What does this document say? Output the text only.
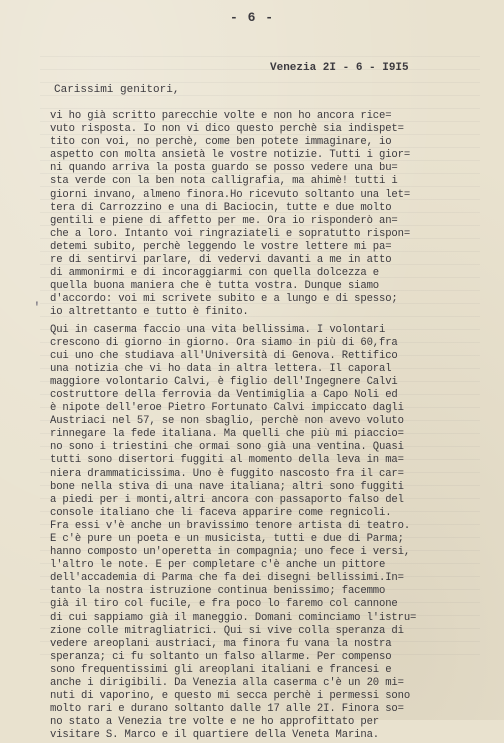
- 6 -
Venezia 2I - 6 - I9I5
Carissimi genitori,
'
vi ho già scritto parecchie volte e non ho ancora rice=
vuto risposta. Io non vi dico questo perchè sia indispet=
tito con voi, no perchè, come ben potete immaginare, io
aspetto con molta ansietà le vostre notizie. Tutti i gior=
ni quando arriva la posta guardo se posso vedere una bu=
sta verde con la ben nota calligrafia, ma ahimè! tutti i
giorni invano, almeno finora.Ho ricevuto soltanto una let=
tera di Carrozzino e una di Baciocin, tutte e due molto
gentili e piene di affetto per me. Ora io risponderò an=
che a loro. Intanto voi ringraziateli e sopratutto rispon=
detemi subito, perchè leggendo le vostre lettere mi pa=
re di sentirvi parlare, di vedervi davanti a me in atto
di ammonirmi e di incoraggiarmi con quella dolcezza e
quella buona maniera che è tutta vostra. Dunque siamo
d'accordo: voi mi scrivete subito e a lungo e di spesso;
io altrettanto e tutto è finito.
Qui in caserma faccio una vita bellissima. I volontari
crescono di giorno in giorno. Ora siamo in più di 60,fra
cui uno che studiava all'Università di Genova. Rettifico
una notizia che vi ho data in altra lettera. Il caporal
maggiore volontario Calvi, è figlio dell'Ingegnere Calvi
costruttore della ferrovia da Ventimiglia a Capo Noli ed
è nipote dell'eroe Pietro Fortunato Calvi impiccato dagli
Austriaci nel 57, se non sbaglio, perchè non avevo voluto
rinnegare la fede italiana. Ma quelli che più mi piaccio=
no sono i triestini che ormai sono già una ventina. Quasi
tutti sono disertori fuggiti al momento della leva in ma=
niera drammaticissima. Uno è fuggito nascosto fra il car=
bone nella stiva di una nave italiana; altri sono fuggiti
a piedi per i monti,altri ancora con passaporto falso del
console italiano che li faceva apparire come regnicoli.
Fra essi v'è anche un bravissimo tenore artista di teatro.
E c'è pure un poeta e un musicista, tutti e due di Parma;
hanno composto un'operetta in compagnia; uno fece i versi,
l'altro le note. E per completare c'è anche un pittore
dell'accademia di Parma che fa dei disegni bellissimi.In=
tanto la nostra istruzione continua benissimo; facemmo
già il tiro col fucile, e fra poco lo faremo col cannone
di cui sappiamo già il maneggio. Domani cominciamo l'istru=
zione colle mitragliatrici. Qui si vive colla speranza di
vedere areoplani austriaci, ma finora fu vana la nostra
speranza; ci fu soltanto un falso allarme. Per compenso
sono frequentissimi gli areoplani italiani e francesi e
anche i dirigibili. Da Venezia alla caserma c'è un 20 mi=
nuti di vaporino, e questo mi secca perchè i permessi sono
molto rari e durano soltanto dalle 17 alle 2I. Finora so=
no stato a Venezia tre volte e ne ho approfittato per
visitare S. Marco e il quartiere della Veneta Marina.
